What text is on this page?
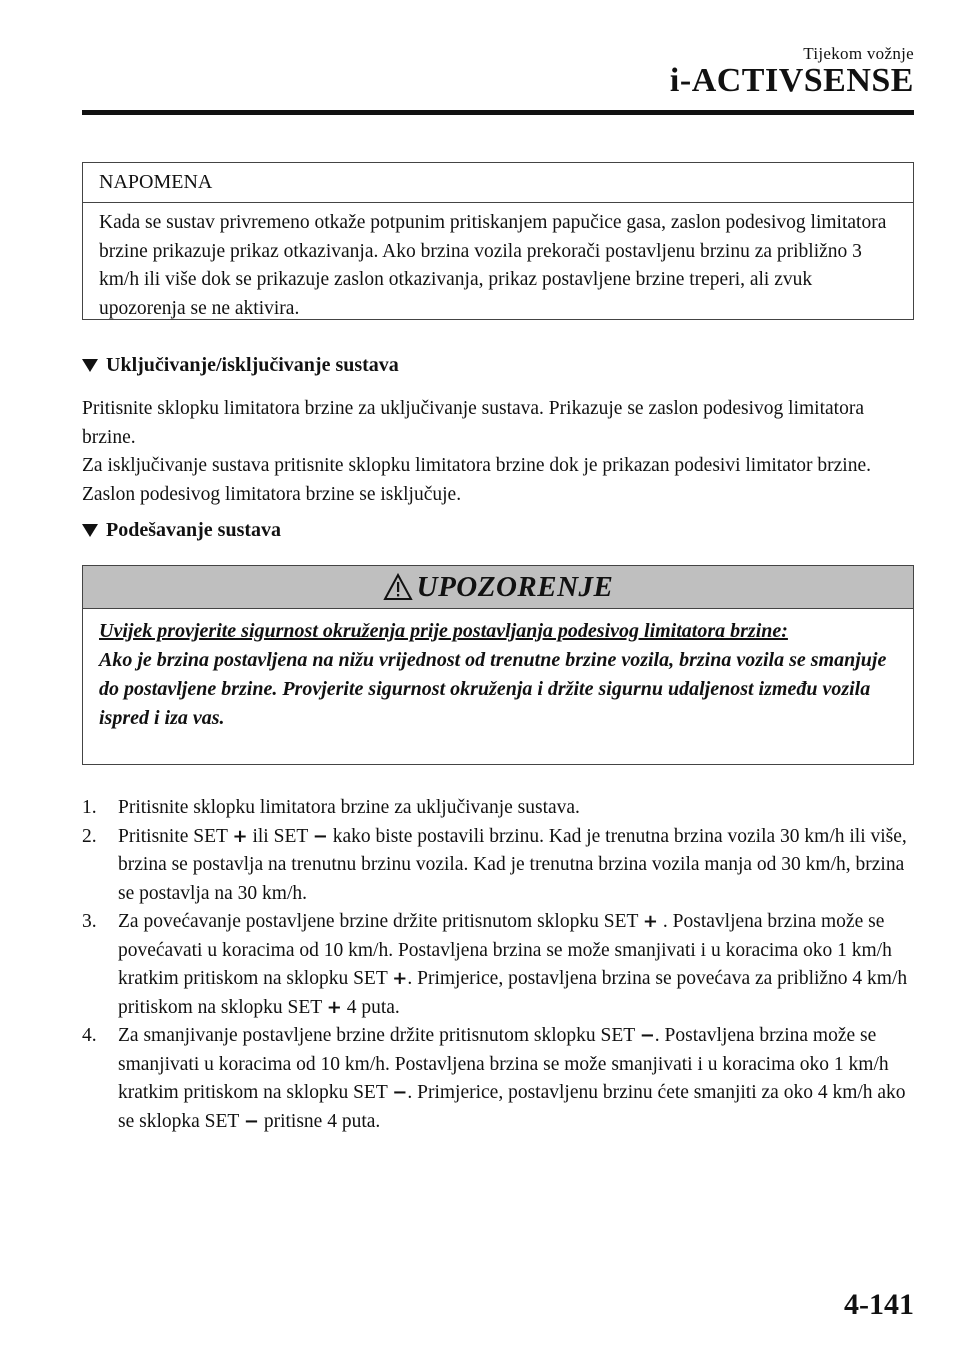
Tijekom vožnje
i-ACTIVSENSE
NAPOMENA
Kada se sustav privremeno otkaže potpunim pritiskanjem papučice gasa, zaslon podesivog limitatora brzine prikazuje prikaz otkazivanja. Ako brzina vozila prekorači postavljenu brzinu za približno 3 km/h ili više dok se prikazuje zaslon otkazivanja, prikaz postavljene brzine treperi, ali zvuk upozorenja se ne aktivira.
Uključivanje/isključivanje sustava
Pritisnite sklopku limitatora brzine za uključivanje sustava. Prikazuje se zaslon podesivog limitatora brzine.
Za isključivanje sustava pritisnite sklopku limitatora brzine dok je prikazan podesivi limitator brzine. Zaslon podesivog limitatora brzine se isključuje.
Podešavanje sustava
UPOZORENJE
Uvijek provjerite sigurnost okruženja prije postavljanja podesivog limitatora brzine:
Ako je brzina postavljena na nižu vrijednost od trenutne brzine vozila, brzina vozila se smanjuje do postavljene brzine. Provjerite sigurnost okruženja i držite sigurnu udaljenost između vozila ispred i iza vas.
1.	Pritisnite sklopku limitatora brzine za uključivanje sustava.
2.	Pritisnite SET + ili SET − kako biste postavili brzinu. Kad je trenutna brzina vozila 30 km/h ili više, brzina se postavlja na trenutnu brzinu vozila. Kad je trenutna brzina vozila manja od 30 km/h, brzina se postavlja na 30 km/h.
3.	Za povećavanje postavljene brzine držite pritisnutom sklopku SET + . Postavljena brzina može se povećavati u koracima od 10 km/h. Postavljena brzina se može smanjivati i u koracima oko 1 km/h kratkim pritiskom na sklopku SET +. Primjerice, postavljena brzina se povećava za približno 4 km/h pritiskom na sklopku SET + 4 puta.
4.	Za smanjivanje postavljene brzine držite pritisnutom sklopku SET −. Postavljena brzina može se smanjivati u koracima od 10 km/h. Postavljena brzina se može smanjivati i u koracima oko 1 km/h kratkim pritiskom na sklopku SET −. Primjerice, postavljenu brzinu ćete smanjiti za oko 4 km/h ako se sklopka SET − pritisne 4 puta.
4-141
